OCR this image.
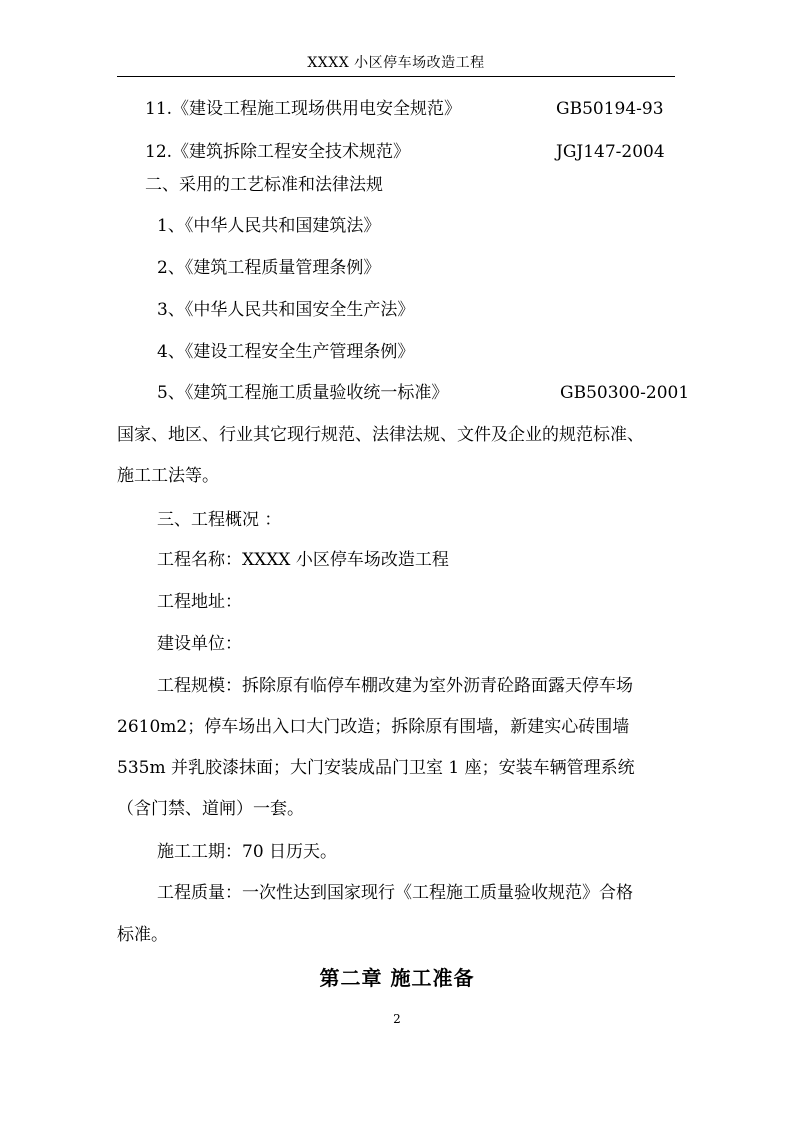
XXXX 小区停车场改造工程
11.《建设工程施工现场供用电安全规范》	GB50194-93
12.《建筑拆除工程安全技术规范》	JGJ147-2004
二、采用的工艺标准和法律法规
1、《中华人民共和国建筑法》
2、《建筑工程质量管理条例》
3、《中华人民共和国安全生产法》
4、《建设工程安全生产管理条例》
5、《建筑工程施工质量验收统一标准》	GB50300-2001
国家、地区、行业其它现行规范、法律法规、文件及企业的规范标准、
施工工法等。
三、工程概况 ：
工程名称：XXXX 小区停车场改造工程
工程地址：
建设单位：
工程规模：拆除原有临停车棚改建为室外沥青砼路面露天停车场
2610m2；停车场出入口大门改造；拆除原有围墙，新建实心砖围墙
535m 并乳胶漆抹面；大门安装成品门卫室 1 座；安装车辆管理系统
（含门禁、道闸）一套。
施工工期：70 日历天。
工程质量：一次性达到国家现行《工程施工质量验收规范》合格
标准。
第二章 施工准备
2
